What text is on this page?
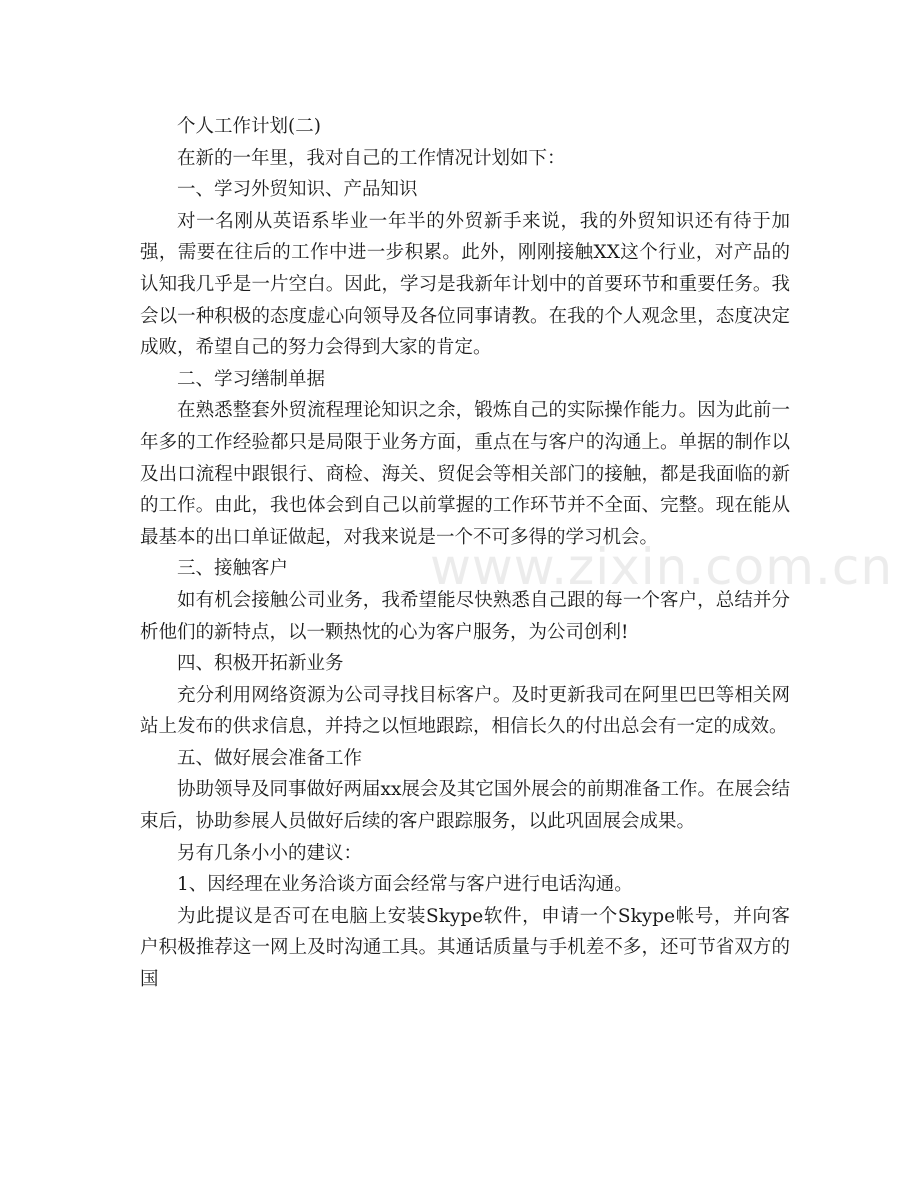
个人工作计划(二)

在新的一年里，我对自己的工作情况计划如下：

一、学习外贸知识、产品知识

对一名刚从英语系毕业一年半的外贸新手来说，我的外贸知识还有待于加强，需要在往后的工作中进一步积累。此外，刚刚接触XX这个行业，对产品的认知我几乎是一片空白。因此，学习是我新年计划中的首要环节和重要任务。我会以一种积极的态度虚心向领导及各位同事请教。在我的个人观念里，态度决定成败，希望自己的努力会得到大家的肯定。

二、学习缮制单据

在熟悉整套外贸流程理论知识之余，锻炼自己的实际操作能力。因为此前一年多的工作经验都只是局限于业务方面，重点在与客户的沟通上。单据的制作以及出口流程中跟银行、商检、海关、贸促会等相关部门的接触，都是我面临的新的工作。由此，我也体会到自己以前掌握的工作环节并不全面、完整。现在能从最基本的出口单证做起，对我来说是一个不可多得的学习机会。

三、接触客户

如有机会接触公司业务，我希望能尽快熟悉自己跟的每一个客户，总结并分析他们的新特点，以一颗热忱的心为客户服务，为公司创利!

四、积极开拓新业务

充分利用网络资源为公司寻找目标客户。及时更新我司在阿里巴巴等相关网站上发布的供求信息，并持之以恒地跟踪，相信长久的付出总会有一定的成效。

五、做好展会准备工作

协助领导及同事做好两届xx展会及其它国外展会的前期准备工作。在展会结束后，协助参展人员做好后续的客户跟踪服务，以此巩固展会成果。

另有几条小小的建议：

1、因经理在业务洽谈方面会经常与客户进行电话沟通。

为此提议是否可在电脑上安装Skype软件，申请一个Skype帐号，并向客户积极推荐这一网上及时沟通工具。其通话质量与手机差不多，还可节省双方的国

www.zixin.com.cn
